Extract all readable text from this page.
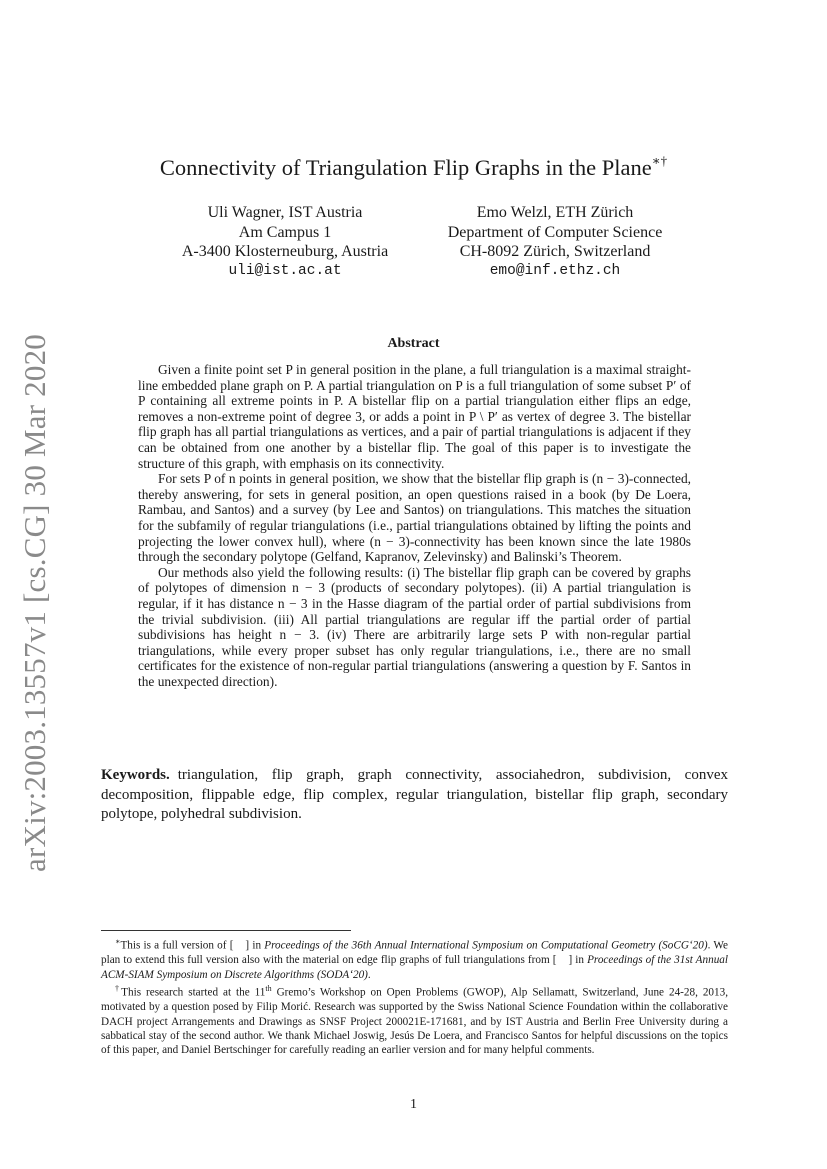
arXiv:2003.13557v1 [cs.CG] 30 Mar 2020
Connectivity of Triangulation Flip Graphs in the Plane∗†
Uli Wagner, IST Austria
Am Campus 1
A-3400 Klosterneuburg, Austria
uli@ist.ac.at
Emo Welzl, ETH Zürich
Department of Computer Science
CH-8092 Zürich, Switzerland
emo@inf.ethz.ch
Abstract

Given a finite point set P in general position in the plane, a full triangulation is a maximal straight-line embedded plane graph on P. A partial triangulation on P is a full triangulation of some subset P′ of P containing all extreme points in P. A bistellar flip on a partial triangulation either flips an edge, removes a non-extreme point of degree 3, or adds a point in P \ P′ as vertex of degree 3. The bistellar flip graph has all partial triangulations as vertices, and a pair of partial triangulations is adjacent if they can be obtained from one another by a bistellar flip. The goal of this paper is to investigate the structure of this graph, with emphasis on its connectivity.

For sets P of n points in general position, we show that the bistellar flip graph is (n − 3)-connected, thereby answering, for sets in general position, an open questions raised in a book (by De Loera, Rambau, and Santos) and a survey (by Lee and Santos) on triangulations. This matches the situation for the subfamily of regular triangulations (i.e., partial triangulations obtained by lifting the points and projecting the lower convex hull), where (n − 3)-connectivity has been known since the late 1980s through the secondary polytope (Gelfand, Kapranov, Zelevinsky) and Balinski’s Theorem.

Our methods also yield the following results: (i) The bistellar flip graph can be covered by graphs of polytopes of dimension n − 3 (products of secondary polytopes). (ii) A partial triangulation is regular, if it has distance n − 3 in the Hasse diagram of the partial order of partial subdivisions from the trivial subdivision. (iii) All partial triangulations are regular iff the partial order of partial subdivisions has height n − 3. (iv) There are arbitrarily large sets P with non-regular partial triangulations, while every proper subset has only regular triangulations, i.e., there are no small certificates for the existence of non-regular partial triangulations (answering a question by F. Santos in the unexpected direction).

Keywords. triangulation, flip graph, graph connectivity, associahedron, subdivision, convex decomposition, flippable edge, flip complex, regular triangulation, bistellar flip graph, secondary polytope, polyhedral subdivision.

∗This is a full version of [ ] in Proceedings of the 36th Annual International Symposium on Computational Geometry (SoCG‘20). We plan to extend this full version also with the material on edge flip graphs of full triangulations from [ ] in Proceedings of the 31st Annual ACM-SIAM Symposium on Discrete Algorithms (SODA‘20).

†This research started at the 11th Gremo’s Workshop on Open Problems (GWOP), Alp Sellamatt, Switzerland, June 24-28, 2013, motivated by a question posed by Filip Morić. Research was supported by the Swiss National Science Foundation within the collaborative DACH project Arrangements and Drawings as SNSF Project 200021E-171681, and by IST Austria and Berlin Free University during a sabbatical stay of the second author. We thank Michael Joswig, Jesús De Loera, and Francisco Santos for helpful discussions on the topics of this paper, and Daniel Bertschinger for carefully reading an earlier version and for many helpful comments.

1
